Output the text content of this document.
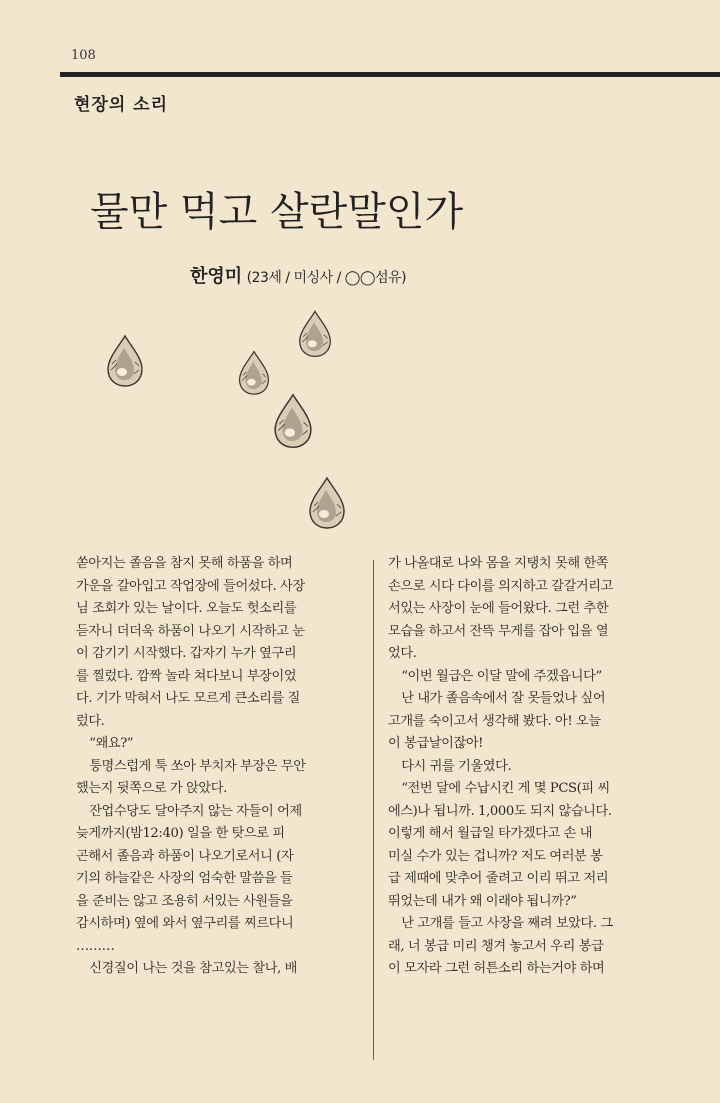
108
현장의 소리
물만 먹고 살란말인가
한영미 (23세 / 미싱사 / ◯◯섬유)

쏟아지는 졸음을 참지 못해 하품을 하며

가운을 갈아입고 작업장에 들어섰다. 사장

님 조회가 있는 날이다. 오늘도 헛소리를

듣자니 더더욱 하품이 나오기 시작하고 눈

이 감기기 시작했다. 갑자기 누가 옆구리

를 찔렀다. 깜짝 놀라 쳐다보니 부장이었

다. 기가 막혀서 나도 모르게 큰소리를 질

렀다.

“왜요?”

퉁명스럽게 툭 쏘아 부치자 부장은 무안

했는지 뒷쪽으로 가 앉았다.

잔업수당도 달아주지 않는 자들이 어제

늦게까지(밤12:40) 일을 한 탓으로 피

곤해서 졸음과 하품이 나오기로서니 (자

기의 하늘같은 사장의 엄숙한 말씀을 들

을 준비는 않고 조용히 서있는 사원들을

감시하며) 옆에 와서 옆구리를 찌르다니

………

신경질이 나는 것을 참고있는 찰나, 배

가 나올대로 나와 몸을 지탱치 못해 한쪽

손으로 시다 다이를 의지하고 갈갈거리고

서있는 사장이 눈에 들어왔다. 그런 추한

모습을 하고서 잔뜩 무게를 잡아 입을 열

었다.

“이번 월급은 이달 말에 주겠읍니다”

난 내가 졸음속에서 잘 못들었나 싶어

고개를 숙이고서 생각해 봤다. 아! 오늘

이 봉급날이잖아!

다시 귀를 기울였다.

“전번 달에 수납시킨 게 몇 PCS(피 씨

에스)나 됩니까. 1,000도 되지 않습니다.

이렇게 해서 월급일 타가겠다고 손 내

미실 수가 있는 겁니까? 저도 여러분 봉

급 제때에 맞추어 줄려고 이리 뛰고 저리

뛰었는데 내가 왜 이래야 됩니까?”

난 고개를 들고 사장을 째려 보았다. 그

래, 너 봉급 미리 챙겨 놓고서 우리 봉급

이 모자라 그런 허튼소리 하는거야 하며
